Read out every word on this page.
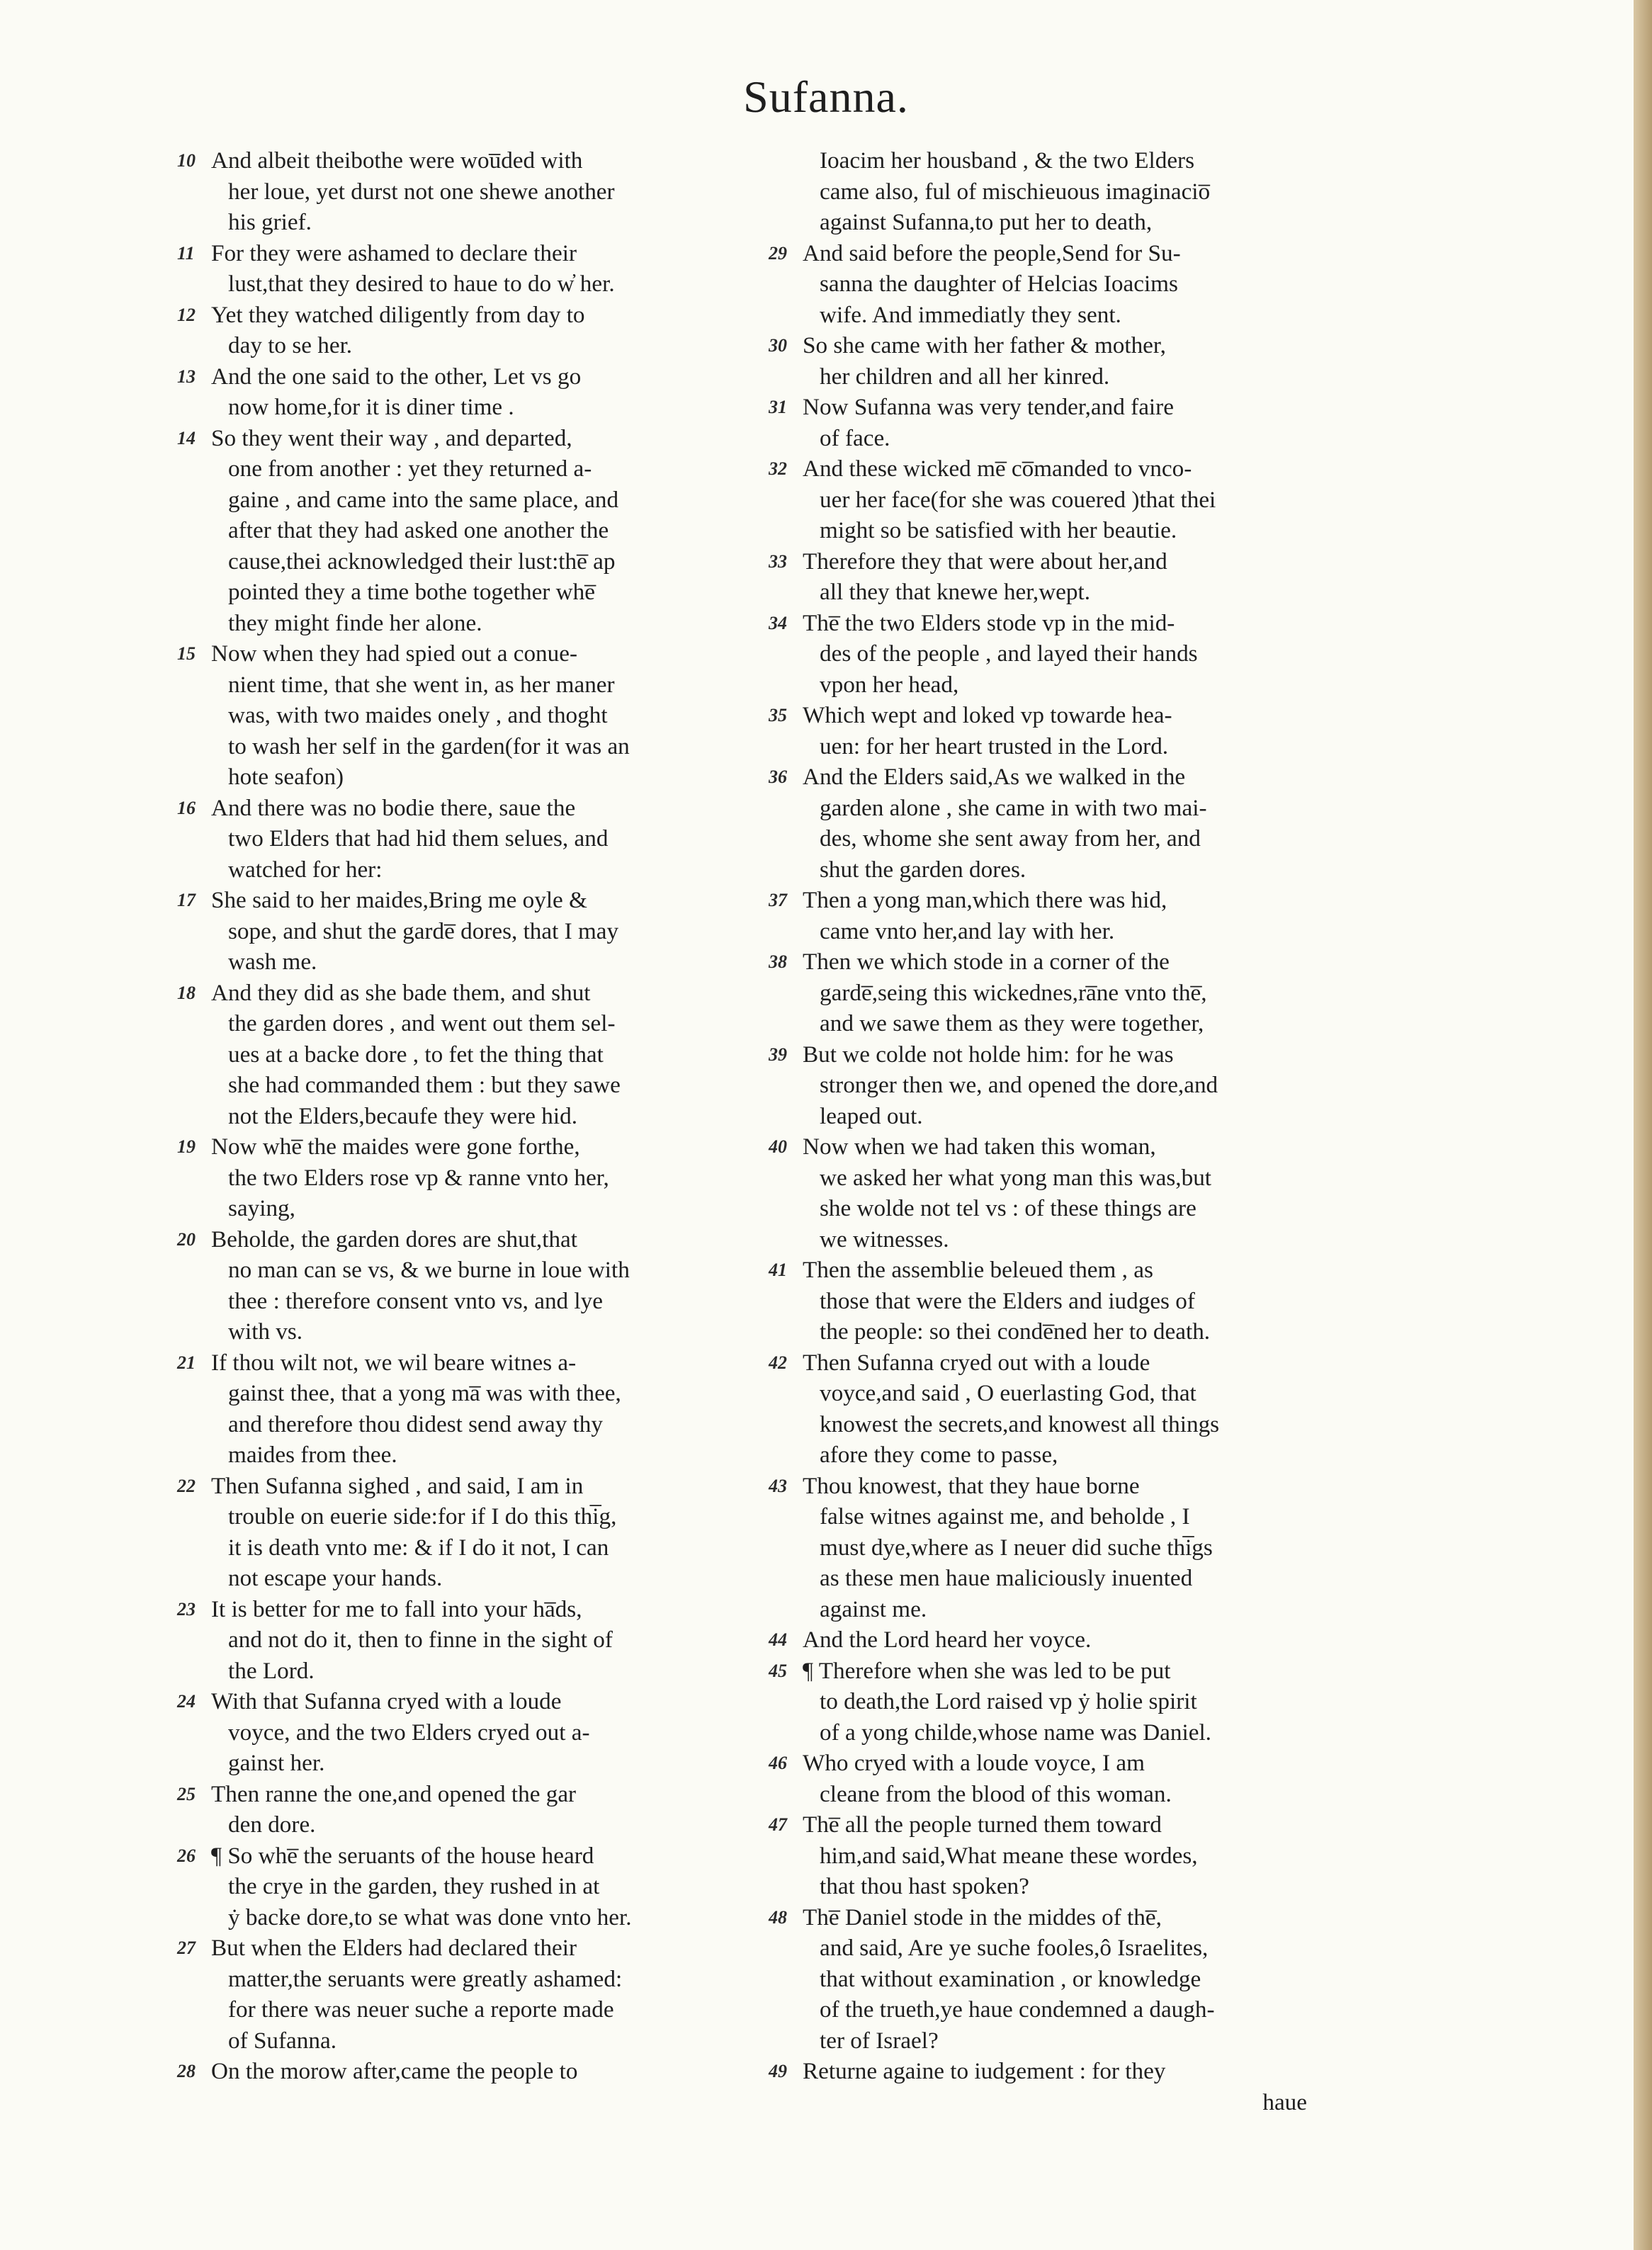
Sufanna.
10 And albeit theibothe were wou̅ded with
her loue, yet durst not one shewe another
his grief.
11 For they were ashamed to declare their
lust,that they desired to haue to do w̓ her.
12 Yet they watched diligently from day to
day to se her.
13 And the one said to the other, Let vs go
now home,for it is diner time .
14 So they went their way , and departed,
one from another : yet they returned a-
gaine , and came into the same place, and
after that they had asked one another the
cause,thei acknowledged their lust:the̅ ap
pointed they a time bothe together whe̅
they might finde her alone.
15 Now when they had spied out a conue-
nient time, that she went in, as her maner
was, with two maides onely , and thoght
to wash her self in the garden(for it was an
hote seafon)
16 And there was no bodie there, saue the
two Elders that had hid them selues, and
watched for her:
17 She said to her maides,Bring me oyle &
sope, and shut the garde̅ dores, that I may
wash me.
18 And they did as she bade them, and shut
the garden dores , and went out them sel-
ues at a backe dore , to fet the thing that
she had commanded them : but they sawe
not the Elders,becaufe they were hid.
19 Now whe̅ the maides were gone forthe,
the two Elders rose vp & ranne vnto her,
saying,
20 Beholde, the garden dores are shut,that
no man can se vs, & we burne in loue with
thee : therefore consent vnto vs, and lye
with vs.
21 If thou wilt not, we wil beare witnes a-
gainst thee, that a yong ma̅ was with thee,
and therefore thou didest send away thy
maides from thee.
22 Then Sufanna sighed , and said, I am in
trouble on euerie side:for if I do this thi̅g,
it is death vnto me: & if I do it not, I can
not escape your hands.
23 It is better for me to fall into your ha̅ds,
and not do it, then to finne in the sight of
the Lord.
24 With that Sufanna cryed with a loude
voyce, and the two Elders cryed out a-
gainst her.
25 Then ranne the one,and opened the gar
den dore.
26 ¶ So whe̅ the seruants of the house heard
the crye in the garden, they rushed in at
ẏ backe dore,to se what was done vnto her.
27 But when the Elders had declared their
matter,the seruants were greatly ashamed:
for there was neuer suche a reporte made
of Sufanna.
28 On the morow after,came the people to
Ioacim her housband , & the two Elders
came also, ful of mischieuous imaginacio̅
against Sufanna,to put her to death,
29 And said before the people,Send for Su-
sanna the daughter of Helcias Ioacims
wife. And immediatly they sent.
30 So she came with her father & mother,
her children and all her kinred.
31 Now Sufanna was very tender,and faire
of face.
32 And these wicked me̅ co̅manded to vnco-
uer her face(for she was couered )that thei
might so be satisfied with her beautie.
33 Therefore they that were about her,and
all they that knewe her,wept.
34 The̅ the two Elders stode vp in the mid-
des of the people , and layed their hands
vpon her head,
35 Which wept and loked vp towarde hea-
uen: for her heart trusted in the Lord.
36 And the Elders said,As we walked in the
garden alone , she came in with two mai-
des, whome she sent away from her, and
shut the garden dores.
37 Then a yong man,which there was hid,
came vnto her,and lay with her.
38 Then we which stode in a corner of the
garde̅,seing this wickednes,ra̅ne vnto the̅,
and we sawe them as they were together,
39 But we colde not holde him: for he was
stronger then we, and opened the dore,and
leaped out.
40 Now when we had taken this woman,
we asked her what yong man this was,but
she wolde not tel vs : of these things are
we witnesses.
41 Then the assemblie beleued them , as
those that were the Elders and iudges of
the people: so thei conde̅ned her to death.
42 Then Sufanna cryed out with a loude
voyce,and said , O euerlasting God, that
knowest the secrets,and knowest all things
afore they come to passe,
43 Thou knowest, that they haue borne
false witnes against me, and beholde , I
must dye,where as I neuer did suche thi̅gs
as these men haue maliciously inuented
against me.
44 And the Lord heard her voyce.
45 ¶ Therefore when she was led to be put
to death,the Lord raised vp ẏ holie spirit
of a yong childe,whose name was Daniel.
46 Who cryed with a loude voyce, I am
cleane from the blood of this woman.
47 The̅ all the people turned them toward
him,and said,What meane these wordes,
that thou hast spoken?
48 The̅ Daniel stode in the middes of the̅,
and said, Are ye suche fooles,ô Israelites,
that without examination , or knowledge
of the trueth,ye haue condemned a daugh-
ter of Israel?
49 Returne againe to iudgement : for they
haue
